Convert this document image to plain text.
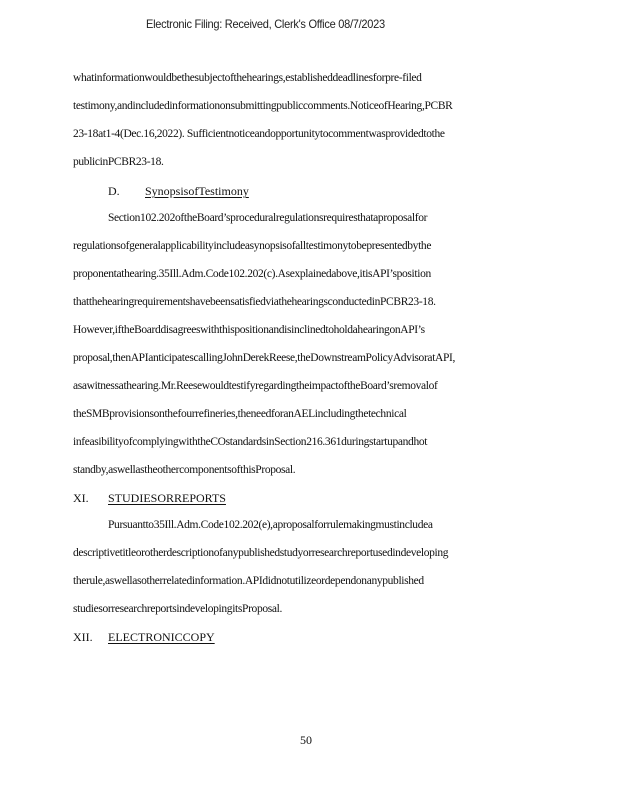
Electronic Filing: Received, Clerk's Office 08/7/2023
whatinformationwouldbethesubjectofthehearings,establisheddeadlinesforpre-filed
testimony,andincludedinformationonsubmittingpubliccomments.NoticeofHearing,PCBR
23-18at1-4(Dec.16,2022). Sufficientnoticeandopportunitytocommentwasprovidedtothe
publicinPCBR23-18.
D. SynopsisofTestimony
Section102.202oftheBoard’sproceduralregulationsrequiresthataproposalfor
regulationsofgeneralapplicabilityincludeasynopsisofalltestimonytobepresentedbythe
proponentathearing.35Ill.Adm.Code102.202(c).Asexplainedabove,itisAPI’sposition
thatthehearingrequirementshavebeensatisfiedviathehearingsconductedinPCBR23-18.
However,iftheBoarddisagreeswiththispositionandisinclinedtoholdahearingonAPI’s
proposal,thenAPIanticipatescallingJohnDerekReese,theDownstreamPolicyAdvisoratAPI,
asawitnessathearing.Mr.ReesewouldtestifyregardingtheimpactoftheBoard’sremovalof
theSMBprovisionsonthefourrefineries,theneedforanAELincludingthetechnical
infeasibilityofcomplyingwiththeCOstandardsinSection216.361duringstartupandhot
standby,aswellastheothercomponentsofthisProposal.
XI. STUDIESORREPORTS
Pursuantto35Ill.Adm.Code102.202(e),aproposalforrulemakingmustincludea
descriptivetitleorotherdescriptionofanypublishedstudyorresearchreportusedindeveloping
therule,aswellasotherrelatedinformation.APIdidnotutilizeordependonanypublished
studiesorresearchreportsindevelopingitsProposal.
XII. ELECTRONICCOPY
50
